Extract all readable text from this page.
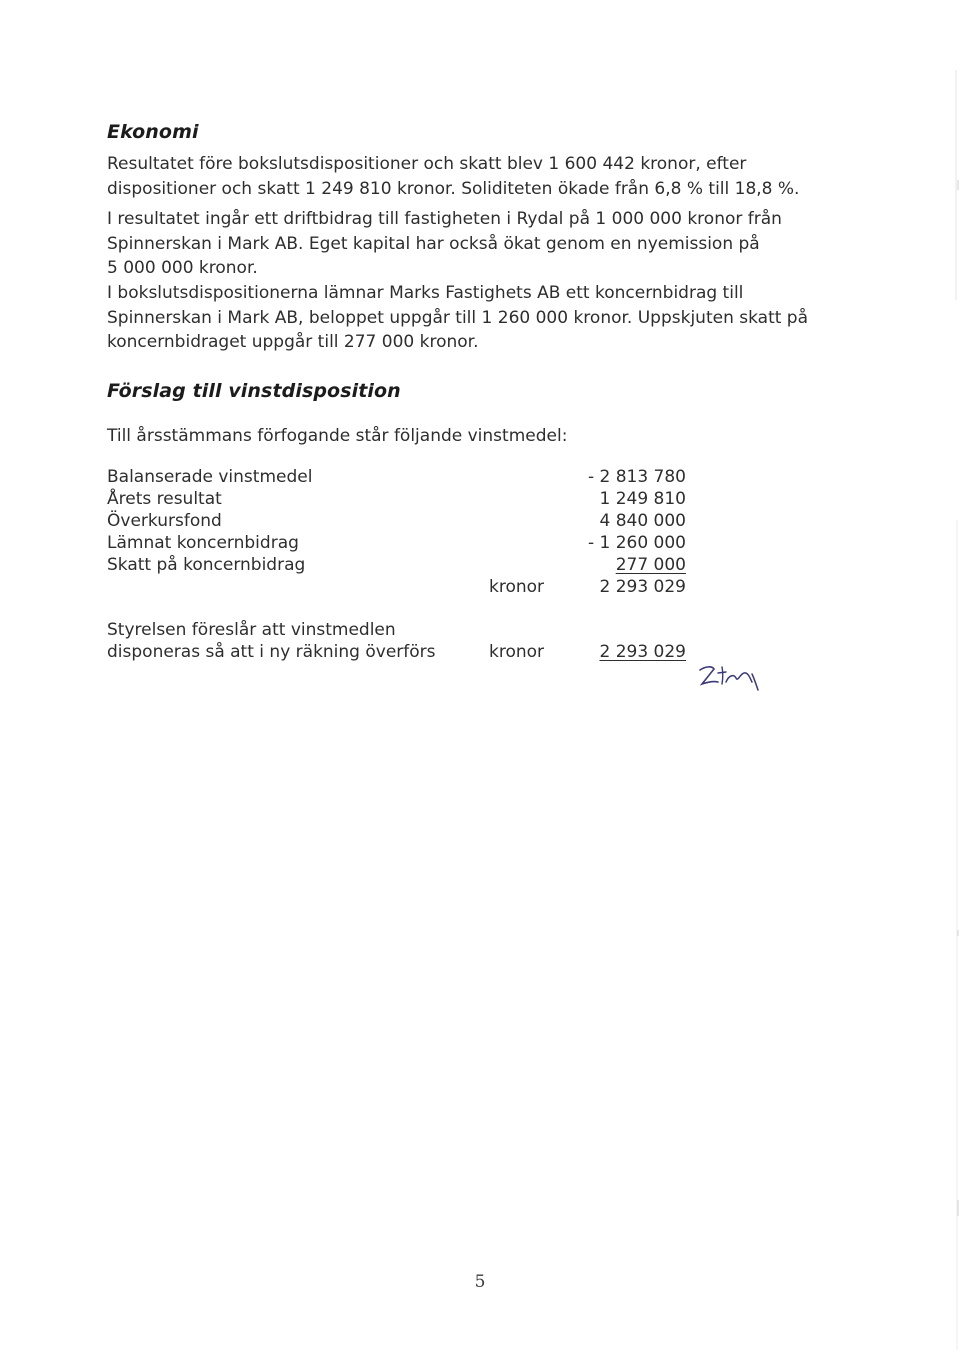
Ekonomi
Resultatet före bokslutsdispositioner och skatt blev 1 600 442 kronor, efter
dispositioner och skatt 1 249 810 kronor. Soliditeten ökade från 6,8 % till 18,8 %.
I resultatet ingår ett driftbidrag till fastigheten i Rydal på 1 000 000 kronor från
Spinnerskan i Mark AB. Eget kapital har också ökat genom en nyemission på
5 000 000 kronor.
I bokslutsdispositionerna lämnar Marks Fastighets AB ett koncernbidrag till
Spinnerskan i Mark AB, beloppet uppgår till 1 260 000 kronor. Uppskjuten skatt på
koncernbidraget uppgår till 277 000 kronor.
Förslag till vinstdisposition
Till årsstämmans förfogande står följande vinstmedel:
Balanserade vinstmedel	- 2 813 780
Årets resultat	1 249 810
Överkursfond	4 840 000
Lämnat koncernbidrag	- 1 260 000
Skatt på koncernbidrag	277 000
kronor	2 293 029
Styrelsen föreslår att vinstmedlen
disponeras så att i ny räkning överförs	kronor	2 293 029
5
